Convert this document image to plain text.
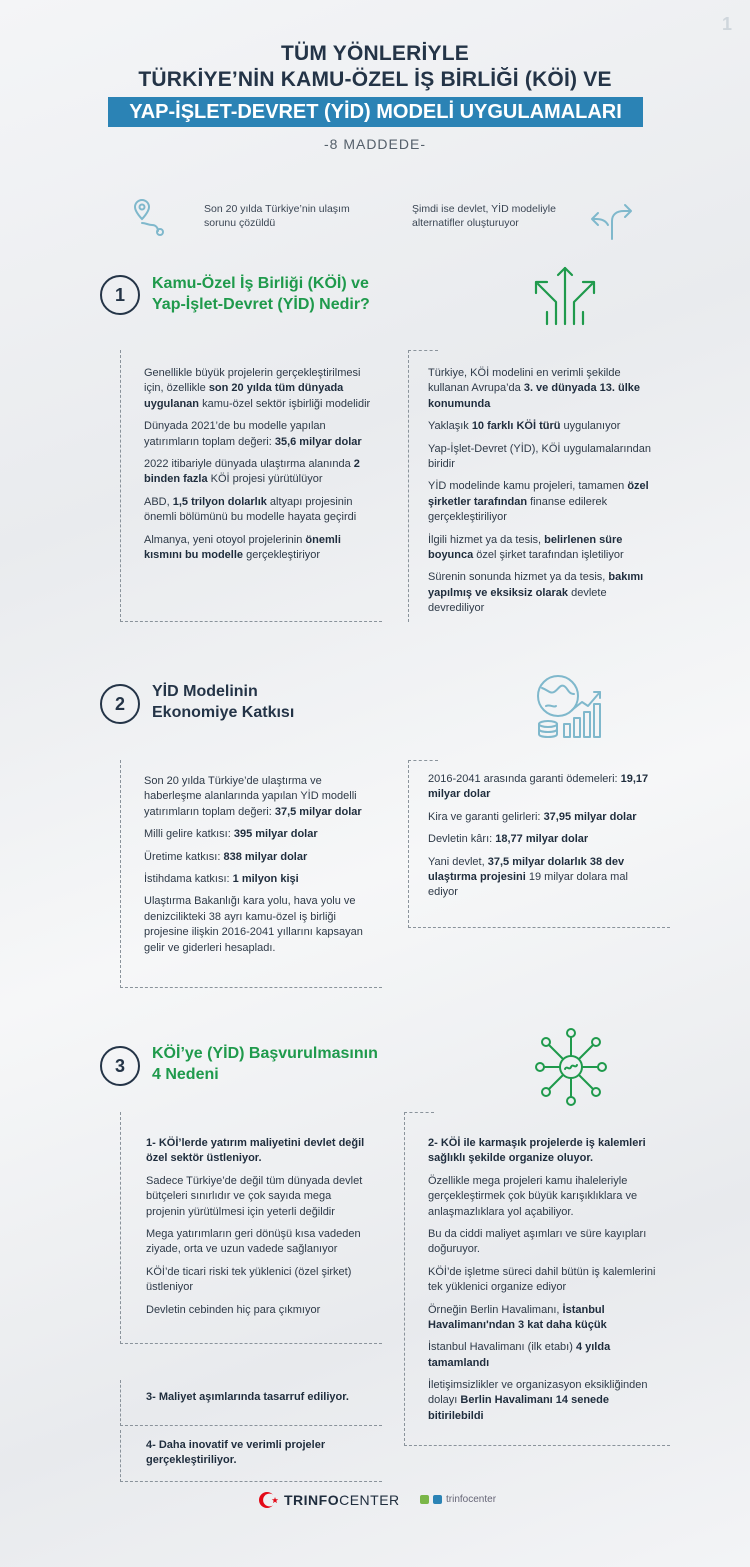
1
TÜM YÖNLERİYLE
TÜRKİYE’NİN KAMU-ÖZEL İŞ BİRLİĞİ (KÖİ) VE
YAP-İŞLET-DEVRET (YİD) MODELİ UYGULAMALARI
-8 MADDEDE-
Son 20 yılda Türkiye’nin ulaşım sorunu çözüldü
Şimdi ise devlet, YİD modeliyle alternatifler oluşturuyor
1
Kamu-Özel İş Birliği (KÖİ) ve
Yap-İşlet-Devret (YİD) Nedir?

Genellikle büyük projelerin gerçekleştirilmesi için, özellikle son 20 yılda tüm dünyada uygulanan kamu-özel sektör işbirliği modelidir

Dünyada 2021’de bu modelle yapılan yatırımların toplam değeri: 35,6 milyar dolar

2022 itibariyle dünyada ulaştırma alanında 2 binden fazla KÖİ projesi yürütülüyor

ABD, 1,5 trilyon dolarlık altyapı projesinin önemli bölümünü bu modelle hayata geçirdi

Almanya, yeni otoyol projelerinin önemli kısmını bu modelle gerçekleştiriyor

Türkiye, KÖİ modelini en verimli şekilde kullanan Avrupa’da 3. ve dünyada 13. ülke konumunda

Yaklaşık 10 farklı KÖİ türü uygulanıyor

Yap-İşlet-Devret (YİD), KÖİ uygulamalarından biridir

YİD modelinde kamu projeleri, tamamen özel şirketler tarafından finanse edilerek gerçekleştiriliyor

İlgili hizmet ya da tesis, belirlenen süre boyunca özel şirket tarafından işletiliyor

Sürenin sonunda hizmet ya da tesis, bakımı yapılmış ve eksiksiz olarak devlete devrediliyor

2
YİD Modelinin
Ekonomiye Katkısı

Son 20 yılda Türkiye’de ulaştırma ve haberleşme alanlarında yapılan YİD modelli yatırımların toplam değeri: 37,5 milyar dolar

Milli gelire katkısı: 395 milyar dolar

Üretime katkısı: 838 milyar dolar

İstihdama katkısı: 1 milyon kişi

Ulaştırma Bakanlığı kara yolu, hava yolu ve denizcilikteki 38 ayrı kamu-özel iş birliği projesine ilişkin 2016-2041 yıllarını kapsayan gelir ve giderleri hesapladı.

2016-2041 arasında garanti ödemeleri: 19,17 milyar dolar

Kira ve garanti gelirleri: 37,95 milyar dolar

Devletin kârı: 18,77 milyar dolar

Yani devlet, 37,5 milyar dolarlık 38 dev ulaştırma projesini 19 milyar dolara mal ediyor

3
KÖİ’ye (YİD) Başvurulmasının
4 Nedeni

1- KÖİ’lerde yatırım maliyetini devlet değil özel sektör üstleniyor.

Sadece Türkiye’de değil tüm dünyada devlet bütçeleri sınırlıdır ve çok sayıda mega projenin yürütülmesi için yeterli değildir

Mega yatırımların geri dönüşü kısa vadeden ziyade, orta ve uzun vadede sağlanıyor

KÖİ’de ticari riski tek yüklenici (özel şirket) üstleniyor

Devletin cebinden hiç para çıkmıyor

3- Maliyet aşımlarında tasarruf ediliyor.

4- Daha inovatif ve verimli projeler gerçekleştiriliyor.

2- KÖİ ile karmaşık projelerde iş kalemleri sağlıklı şekilde organize oluyor.

Özellikle mega projeleri kamu ihaleleriyle gerçekleştirmek çok büyük karışıklıklara ve anlaşmazlıklara yol açabiliyor.

Bu da ciddi maliyet aşımları ve süre kayıpları doğuruyor.

KÖİ’de işletme süreci dahil bütün iş kalemlerini tek yüklenici organize ediyor

Örneğin Berlin Havalimanı, İstanbul Havalimanı'ndan 3 kat daha küçük

İstanbul Havalimanı (ilk etabı) 4 yılda tamamlandı

İletişimsizlikler ve organizasyon eksikliğinden dolayı Berlin Havalimanı 14 senede bitirilebildi

TRINFO CENTER	trinfocenter
